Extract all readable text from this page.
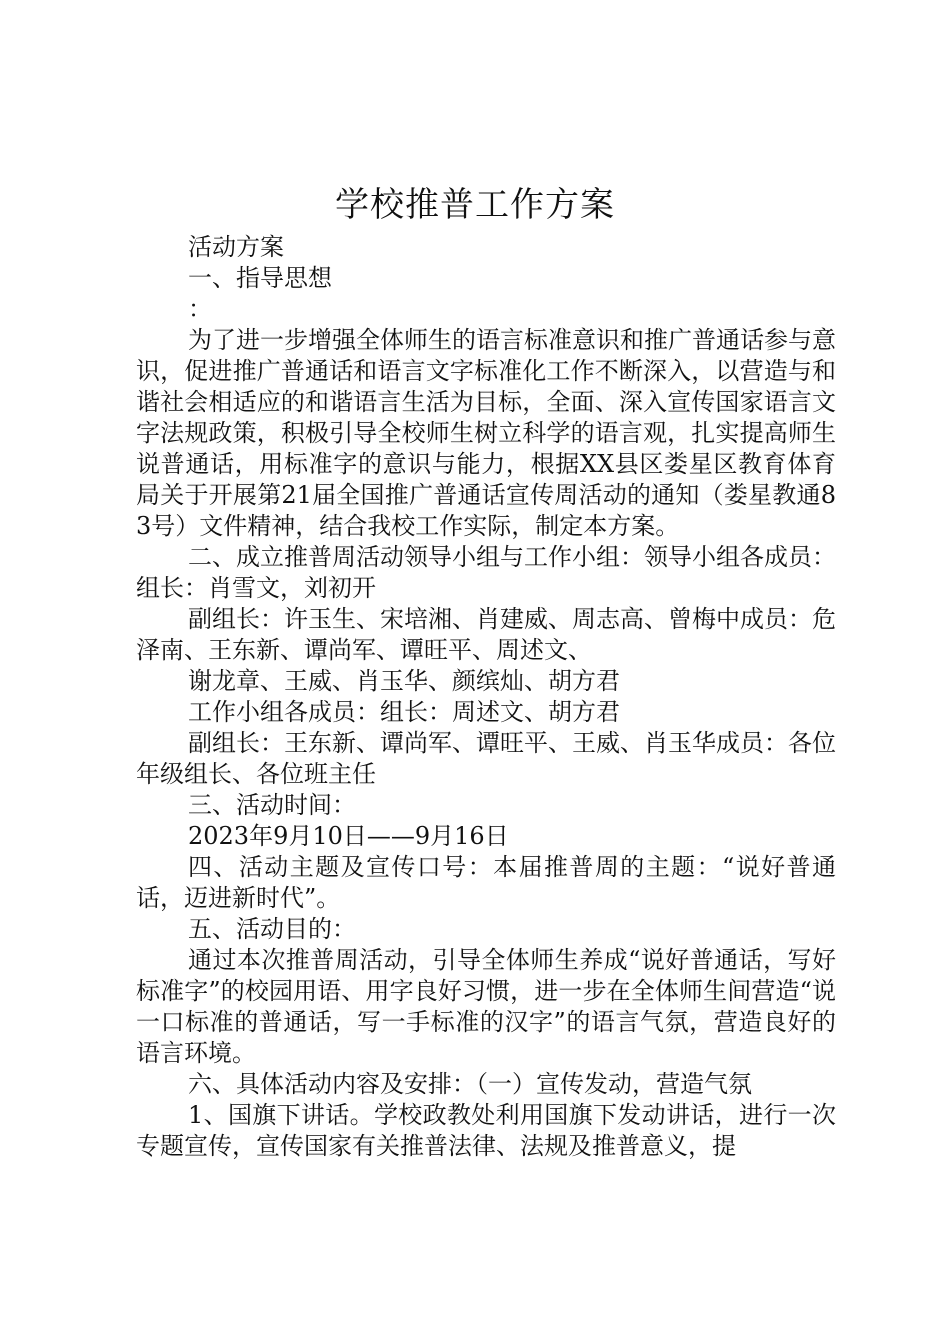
学校推普工作方案

活动方案

一、指导思想

：

为了进一步增强全体师生的语言标准意识和推广普通话参与意识，促进推广普通话和语言文字标准化工作不断深入，以营造与和谐社会相适应的和谐语言生活为目标，全面、深入宣传国家语言文字法规政策，积极引导全校师生树立科学的语言观，扎实提高师生说普通话，用标准字的意识与能力，根据XX县区娄星区教育体育局关于开展第21届全国推广普通话宣传周活动的通知（娄星教通83号）文件精神，结合我校工作实际，制定本方案。

二、成立推普周活动领导小组与工作小组：领导小组各成员：组长：肖雪文，刘初开

副组长：许玉生、宋培湘、肖建威、周志高、曾梅中成员：危泽南、王东新、谭尚军、谭旺平、周述文、

谢龙章、王威、肖玉华、颜缤灿、胡方君

工作小组各成员：组长：周述文、胡方君

副组长：王东新、谭尚军、谭旺平、王威、肖玉华成员：各位年级组长、各位班主任

三、活动时间：

2023年9月10日——9月16日

四、活动主题及宣传口号：本届推普周的主题：“说好普通话，迈进新时代”。

五、活动目的：

通过本次推普周活动，引导全体师生养成“说好普通话，写好标准字”的校园用语、用字良好习惯，进一步在全体师生间营造“说一口标准的普通话，写一手标准的汉字”的语言气氛，营造良好的语言环境。

六、具体活动内容及安排：（一）宣传发动，营造气氛

1、国旗下讲话。学校政教处利用国旗下发动讲话，进行一次专题宣传，宣传国家有关推普法律、法规及推普意义，提
